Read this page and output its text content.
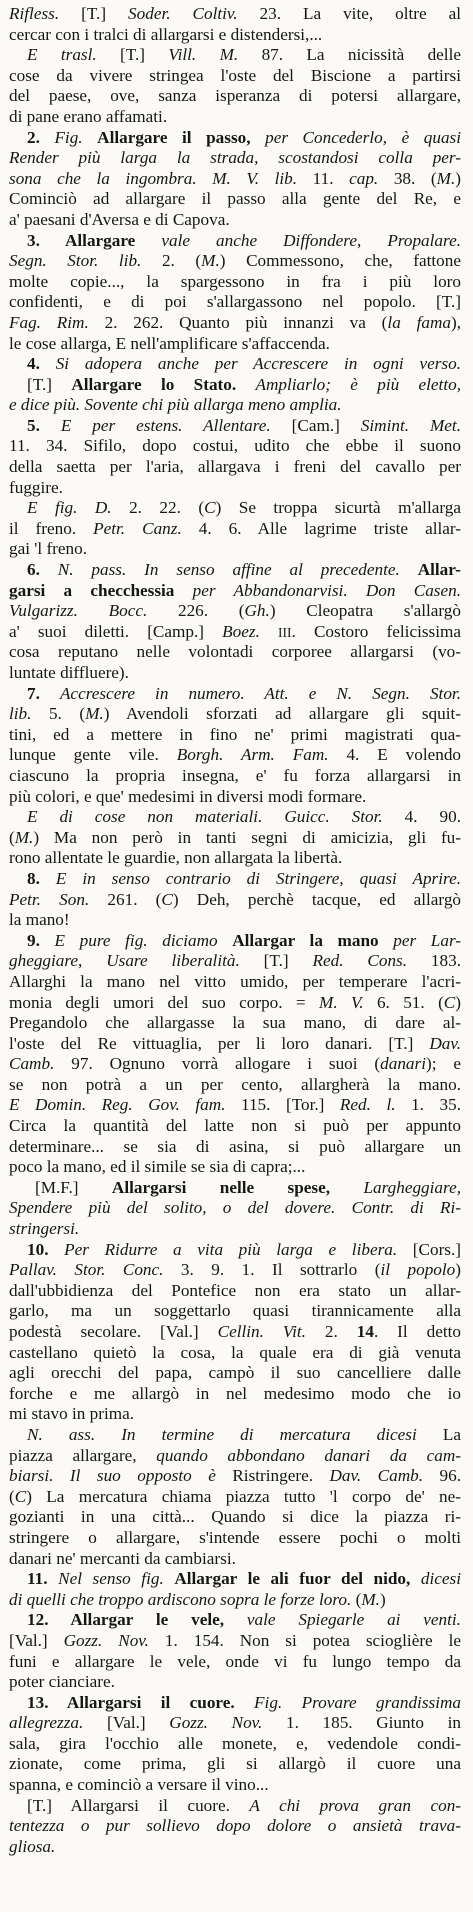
Rifless. [T.] Soder. Coltiv. 23. La vite, oltre al
cercar con i tralci di allargarsi e distendersi,...
E trasl. [T.] Vill. M. 87. La nicissità delle
cose da vivere stringea l'oste del Biscione a partirsi
del paese, ove, sanza isperanza di potersi allargare,
di pane erano affamati.
2. Fig. Allargare il passo, per Concederlo, è quasi
Render più larga la strada, scostandosi colla per-
sona che la ingombra. M. V. lib. 11. cap. 38. (M.)
Cominciò ad allargare il passo alla gente del Re, e
a' paesani d'Aversa e di Capova.
3. Allargare vale anche Diffondere, Propalare.
Segn. Stor. lib. 2. (M.) Commessono, che, fattone
molte copie..., la spargessono in fra i più loro
confidenti, e di poi s'allargassono nel popolo. [T.]
Fag. Rim. 2. 262. Quanto più innanzi va (la fama),
le cose allarga, E nell'amplificare s'affaccenda.
4. Si adopera anche per Accrescere in ogni verso.
[T.] Allargare lo Stato. Ampliarlo; è più eletto,
e dice più. Sovente chi più allarga meno amplia.
5. E per estens. Allentare. [Cam.] Simint. Met.
11. 34. Sifilo, dopo costui, udito che ebbe il suono
della saetta per l'aria, allargava i freni del cavallo per
fuggire.
E fig. D. 2. 22. (C) Se troppa sicurtà m'allarga
il freno. Petr. Canz. 4. 6. Alle lagrime triste allar-
gai 'l freno.
6. N. pass. In senso affine al precedente. Allar-
garsi a checchessia per Abbandonarvisi. Don Casen.
Vulgarizz. Bocc. 226. (Gh.) Cleopatra s'allargò
a' suoi diletti. [Camp.] Boez. III. Costoro felicissima
cosa reputano nelle volontadi corporee allargarsi (vo-
luntate diffluere).
7. Accrescere in numero. Att. e N. Segn. Stor.
lib. 5. (M.) Avendoli sforzati ad allargare gli squit-
tini, ed a mettere in fino ne' primi magistrati qua-
lunque gente vile. Borgh. Arm. Fam. 4. E volendo
ciascuno la propria insegna, e' fu forza allargarsi in
più colori, e que' medesimi in diversi modi formare.
E di cose non materiali. Guicc. Stor. 4. 90.
(M.) Ma non però in tanti segni di amicizia, gli fu-
rono allentate le guardie, non allargata la libertà.
8. E in senso contrario di Stringere, quasi Aprire.
Petr. Son. 261. (C) Deh, perchè tacque, ed allargò
la mano!
9. E pure fig. diciamo Allargar la mano per Lar-
gheggiare, Usare liberalità. [T.] Red. Cons. 183.
Allarghi la mano nel vitto umido, per temperare l'acri-
monia degli umori del suo corpo. = M. V. 6. 51. (C)
Pregandolo che allargasse la sua mano, di dare al-
l'oste del Re vittuaglia, per li loro danari. [T.] Dav.
Camb. 97. Ognuno vorrà allogare i suoi (danari); e
se non potrà a un per cento, allargherà la mano.
E Domin. Reg. Gov. fam. 115. [Tor.] Red. l. 1. 35.
Circa la quantità del latte non si può per appunto
determinare... se sia di asina, si può allargare un
poco la mano, ed il simile se sia di capra;...
[M.F.] Allargarsi nelle spese, Largheggiare,
Spendere più del solito, o del dovere. Contr. di Ri-
stringersi.
10. Per Ridurre a vita più larga e libera. [Cors.]
Pallav. Stor. Conc. 3. 9. 1. Il sottrarlo (il popolo)
dall'ubbidienza del Pontefice non era stato un allar-
garlo, ma un soggettarlo quasi tirannicamente alla
podestà secolare. [Val.] Cellin. Vit. 2. 14. Il detto
castellano quietò la cosa, la quale era di già venuta
agli orecchi del papa, campò il suo cancelliere dalle
forche e me allargò in nel medesimo modo che io
mi stavo in prima.
N. ass. In termine di mercatura dicesi La
piazza allargare, quando abbondano danari da cam-
biarsi. Il suo opposto è Ristringere. Dav. Camb. 96.
(C) La mercatura chiama piazza tutto 'l corpo de' ne-
gozianti in una città... Quando si dice la piazza ri-
stringere o allargare, s'intende essere pochi o molti
danari ne' mercanti da cambiarsi.
11. Nel senso fig. Allargar le ali fuor del nido, dicesi
di quelli che troppo ardiscono sopra le forze loro. (M.)
12. Allargar le vele, vale Spiegarle ai venti.
[Val.] Gozz. Nov. 1. 154. Non si potea scioglière le
funi e allargare le vele, onde vi fu lungo tempo da
poter cianciare.
13. Allargarsi il cuore. Fig. Provare grandissima
allegrezza. [Val.] Gozz. Nov. 1. 185. Giunto in
sala, gira l'occhio alle monete, e, vedendole condi-
zionate, come prima, gli si allargò il cuore una
spanna, e cominciò a versare il vino...
[T.] Allargarsi il cuore. A chi prova gran con-
tentezza o pur sollievo dopo dolore o ansietà trava-
gliosa.
